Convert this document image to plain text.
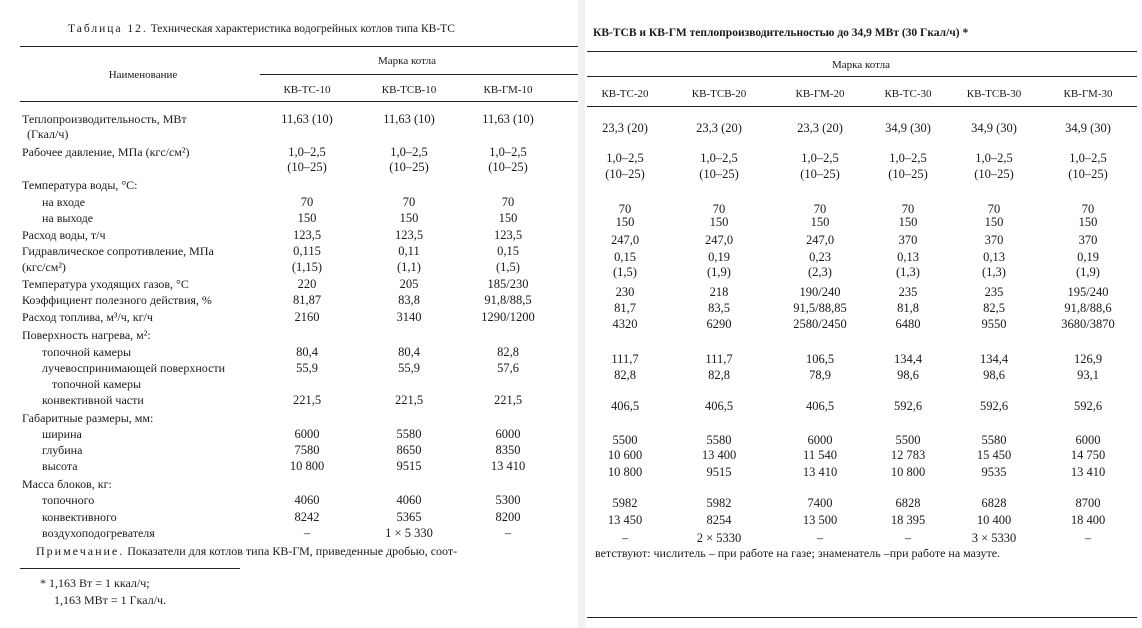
Таблица 12. Техническая характеристика водогрейных котлов типа КВ-ТС
Наименование
Марка котла
КВ-ТС-10	КВ-ТСВ-10	КВ-ГМ-10
Теплопроизводительность, МВт	11,63 (10)	11,63 (10)	11,63 (10)
(Гкал/ч)
Рабочее давление, МПа (кгс/см²)	1,0–2,5	1,0–2,5	1,0–2,5
(10–25)	(10–25)	(10–25)
Температура воды, °С:
на входе	70	70	70
на выходе	150	150	150
Расход воды, т/ч	123,5	123,5	123,5
Гидравлическое сопротивление, МПа	0,115	0,11	0,15
(кгс/см²)	(1,15)	(1,1)	(1,5)
Температура уходящих газов, °С	220	205	185/230
Коэффициент полезного действия, %	81,87	83,8	91,8/88,5
Расход топлива, м³/ч, кг/ч	2160	3140	1290/1200
Поверхность нагрева, м²:
топочной камеры	80,4	80,4	82,8
лучевоспринимающей поверхности	55,9	55,9	57,6
топочной камеры
конвективной части	221,5	221,5	221,5
Габаритные размеры, мм:
ширина	6000	5580	6000
глубина	7580	8650	8350
высота	10 800	9515	13 410
Масса блоков, кг:
топочного	4060	4060	5300
конвективного	8242	5365	8200
воздухоподогревателя	–	1 × 5 330	–
Примечание. Показатели для котлов типа КВ-ГМ, приведенные дробью, соот-
* 1,163 Вт = 1 ккал/ч;
1,163 МВт = 1 Гкал/ч.
КВ-ТСВ и КВ-ГМ теплопроизводительностью до 34,9 МВт (30 Гкал/ч) *
Марка котла
КВ-ТС-20	КВ-ТСВ-20	КВ-ГМ-20	КВ-ТС-30	КВ-ТСВ-30	КВ-ГМ-30
23,3 (20)	23,3 (20)	23,3 (20)	34,9 (30)	34,9 (30)	34,9 (30)
1,0–2,5	1,0–2,5	1,0–2,5	1,0–2,5	1,0–2,5	1,0–2,5
(10–25)	(10–25)	(10–25)	(10–25)	(10–25)	(10–25)
70	70	70	70	70	70
150	150	150	150	150	150
247,0	247,0	247,0	370	370	370
0,15	0,19	0,23	0,13	0,13	0,19
(1,5)	(1,9)	(2,3)	(1,3)	(1,3)	(1,9)
230	218	190/240	235	235	195/240
81,7	83,5	91,5/88,85	81,8	82,5	91,8/88,6
4320	6290	2580/2450	6480	9550	3680/3870
111,7	111,7	106,5	134,4	134,4	126,9
82,8	82,8	78,9	98,6	98,6	93,1
406,5	406,5	406,5	592,6	592,6	592,6
5500	5580	6000	5500	5580	6000
10 600	13 400	11 540	12 783	15 450	14 750
10 800	9515	13 410	10 800	9535	13 410
5982	5982	7400	6828	6828	8700
13 450	8254	13 500	18 395	10 400	18 400
–	2 × 5330	–	–	3 × 5330	–
ветствуют: числитель – при работе на газе; знаменатель –при работе на мазуте.
